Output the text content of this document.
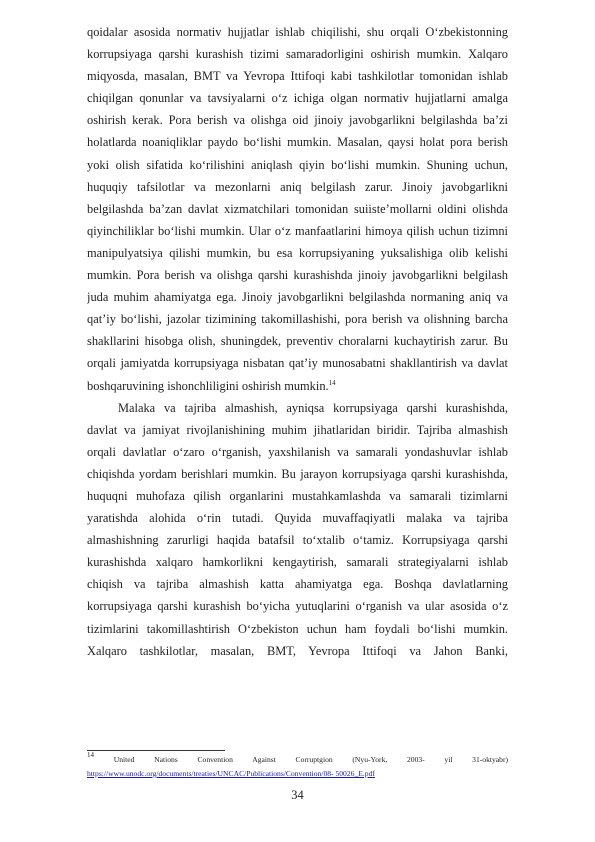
qoidalar asosida normativ hujjatlar ishlab chiqilishi, shu orqali O‘zbekistonning
korrupsiyaga qarshi kurashish tizimi samaradorligini oshirish mumkin. Xalqaro
miqyosda, masalan, BMT va Yevropa Ittifoqi kabi tashkilotlar tomonidan ishlab
chiqilgan qonunlar va tavsiyalarni o‘z ichiga olgan normativ hujjatlarni amalga
oshirish kerak. Pora berish va olishga oid jinoiy javobgarlikni belgilashda ba’zi
holatlarda noaniqliklar paydo bo‘lishi mumkin. Masalan, qaysi holat pora berish
yoki olish sifatida ko‘rilishini aniqlash qiyin bo‘lishi mumkin. Shuning uchun,
huquqiy tafsilotlar va mezonlarni aniq belgilash zarur. Jinoiy javobgarlikni
belgilashda ba’zan davlat xizmatchilari tomonidan suiiste’mollarni oldini olishda
qiyinchiliklar bo‘lishi mumkin. Ular o‘z manfaatlarini himoya qilish uchun tizimni
manipulyatsiya qilishi mumkin, bu esa korrupsiyaning yuksalishiga olib kelishi
mumkin. Pora berish va olishga qarshi kurashishda jinoiy javobgarlikni belgilash
juda muhim ahamiyatga ega. Jinoiy javobgarlikni belgilashda normaning aniq va
qat’iy bo‘lishi, jazolar tizimining takomillashishi, pora berish va olishning barcha
shakllarini hisobga olish, shuningdek, preventiv choralarni kuchaytirish zarur. Bu
orqali jamiyatda korrupsiyaga nisbatan qat’iy munosabatni shakllantirish va davlat
boshqaruvining ishonchliligini oshirish mumkin.$^{14}$
Malaka va tajriba almashish, ayniqsa korrupsiyaga qarshi kurashishda,
davlat va jamiyat rivojlanishining muhim jihatlaridan biridir. Tajriba almashish
orqali davlatlar o‘zaro o‘rganish, yaxshilanish va samarali yondashuvlar ishlab
chiqishda yordam berishlari mumkin. Bu jarayon korrupsiyaga qarshi kurashishda,
huquqni muhofaza qilish organlarini mustahkamlashda va samarali tizimlarni
yaratishda alohida o‘rin tutadi. Quyida muvaffaqiyatli malaka va tajriba
almashishning zarurligi haqida batafsil to‘xtalib o‘tamiz. Korrupsiyaga qarshi
kurashishda xalqaro hamkorlikni kengaytirish, samarali strategiyalarni ishlab
chiqish va tajriba almashish katta ahamiyatga ega. Boshqa davlatlarning
korrupsiyaga qarshi kurashish bo‘yicha yutuqlarini o‘rganish va ular asosida o‘z
tizimlarini takomillashtirish O‘zbekiston uchun ham foydali bo‘lishi mumkin.
Xalqaro tashkilotlar, masalan, BMT, Yevropa Ittifoqi va Jahon Banki,
$^{14}$	United Nations Convention Against Corruptgion (Nyu-York, 2003- yil 31-oktyabr)
https://www.unodc.org/documents/treaties/UNCAC/Publications/Convention/08- 50026_E.pdf
34
